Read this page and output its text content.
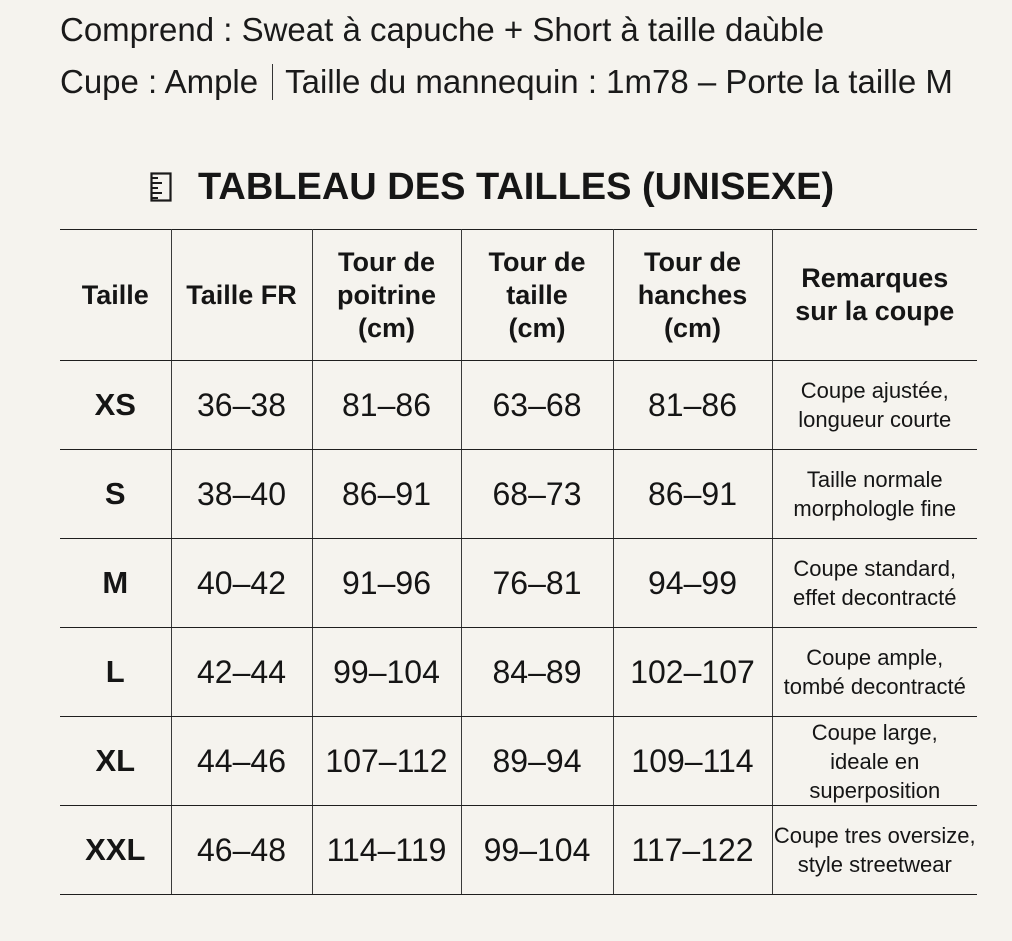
Comprend : Sweat à capuche + Short à taille daùble
Cupe : Ample Taille du mannequin : 1m78 – Porte la taille M
TABLEAU DES TAILLES (UNISEXE)
Taille	Taille FR	Tour de
poitrine
(cm)	Tour de
taille
(cm)	Tour de
hanches
(cm)	Remarques
sur la coupe

XS	36–38	81–86	63–68	81–86	Coupe ajustée,
longueur courte
S	38–40	86–91	68–73	86–91	Taille normale
morphologle fine
M	40–42	91–96	76–81	94–99	Coupe standard,
effet decontracté
L	42–44	99–104	84–89	102–107	Coupe ample,
tombé decontracté
XL	44–46	107–112	89–94	109–114	Coupe large,
ideale en superposition
XXL	46–48	114–119	99–104	117–122	Coupe tres oversize,
style streetwear
